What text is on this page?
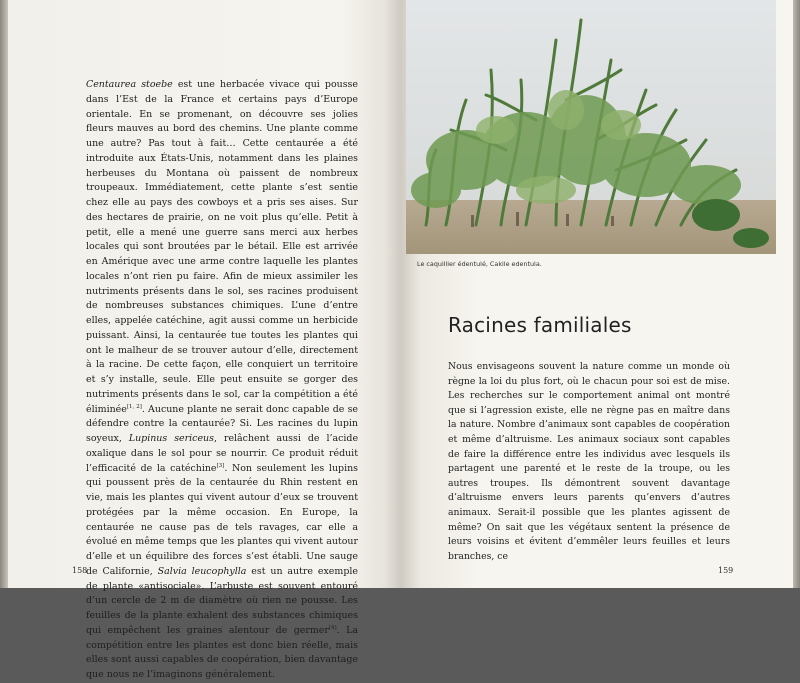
Centaurea stoebe est une herbacée vivace qui pousse dans l’Est de la France et certains pays d’Europe orientale. En se promenant, on découvre ses jolies fleurs mauves au bord des chemins. Une plante comme une autre? Pas tout à fait… Cette centaurée a été introduite aux États-Unis, notamment dans les plaines herbeuses du Montana où paissent de nombreux troupeaux. Immédiatement, cette plante s’est sentie chez elle au pays des cowboys et a pris ses aises. Sur des hectares de prairie, on ne voit plus qu’elle. Petit à petit, elle a mené une guerre sans merci aux herbes locales qui sont broutées par le bétail. Elle est arrivée en Amérique avec une arme contre laquelle les plantes locales n’ont rien pu faire. Afin de mieux assimiler les nutriments présents dans le sol, ses racines produisent de nombreuses substances chimiques. L’une d’entre elles, appelée catéchine, agit aussi comme un herbicide puissant. Ainsi, la centaurée tue toutes les plantes qui ont le malheur de se trouver autour d’elle, directement à la racine. De cette façon, elle conquiert un territoire et s’y installe, seule. Elle peut ensuite se gorger des nutriments présents dans le sol, car la compétition a été éliminée[1, 2]. Aucune plante ne serait donc capable de se défendre contre la centaurée? Si. Les racines du lupin soyeux, Lupinus sericeus, relâchent aussi de l’acide oxalique dans le sol pour se nourrir. Ce produit réduit l’efficacité de la catéchine[3]. Non seulement les lupins qui poussent près de la centaurée du Rhin restent en vie, mais les plantes qui vivent autour d’eux se trouvent protégées par la même occasion. En Europe, la centaurée ne cause pas de tels ravages, car elle a évolué en même temps que les plantes qui vivent autour d’elle et un équilibre des forces s’est établi. Une sauge de Californie, Salvia leucophylla est un autre exemple de plante «antisociale». L’arbuste est souvent entouré d’un cercle de 2 m de diamètre où rien ne pousse. Les feuilles de la plante exhalent des substances chimiques qui empêchent les graines alentour de germer[4]. La compétition entre les plantes est donc bien réelle, mais elles sont aussi capables de coopération, bien davantage que nous ne l’imaginons généralement.

158
Le caquillier édentulé, Cakile edentula.
Racines familiales

Nous envisageons souvent la nature comme un monde où règne la loi du plus fort, où le chacun pour soi est de mise. Les recherches sur le comportement animal ont montré que si l’agression existe, elle ne règne pas en maître dans la nature. Nombre d’animaux sont capables de coopération et même d’altruisme. Les animaux sociaux sont capables de faire la différence entre les individus avec lesquels ils partagent une parenté et le reste de la troupe, ou les autres troupes. Ils démontrent souvent davantage d’altruisme envers leurs parents qu’envers d’autres animaux. Serait-il possible que les plantes agissent de même? On sait que les végétaux sentent la présence de leurs voisins et évitent d’emmêler leurs feuilles et leurs branches, ce

159
